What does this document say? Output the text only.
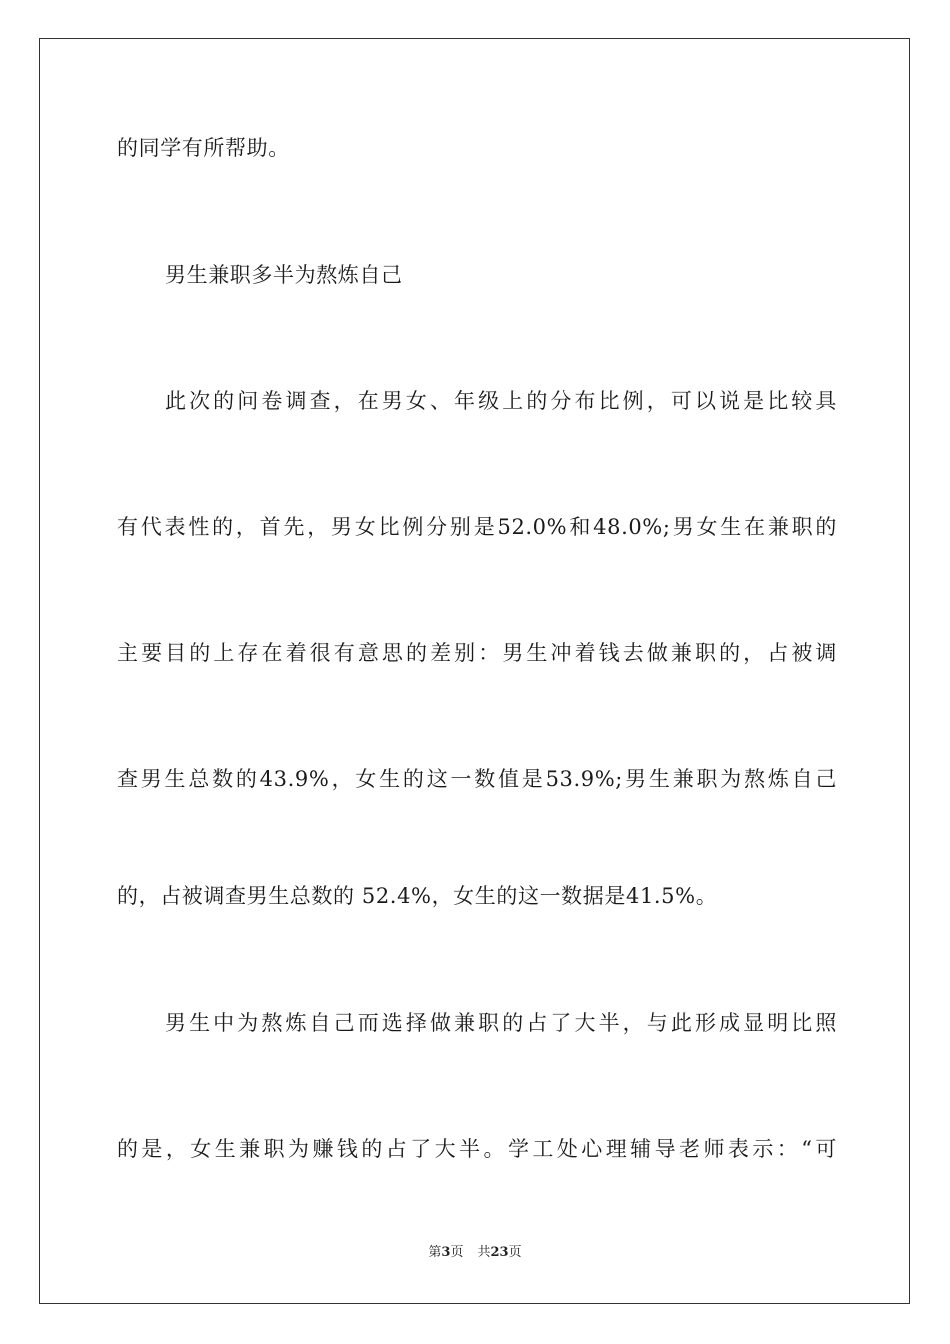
的同学有所帮助。
男生兼职多半为熬炼自己
此次的问卷调查，在男女、年级上的分布比例，可以说是比较具
有代表性的，首先，男女比例分别是52.0%和48.0%;男女生在兼职的
主要目的上存在着很有意思的差别：男生冲着钱去做兼职的，占被调
查男生总数的43.9%，女生的这一数值是53.9%;男生兼职为熬炼自己
的，占被调查男生总数的 52.4%，女生的这一数据是41.5%。
男生中为熬炼自己而选择做兼职的占了大半，与此形成显明比照
的是，女生兼职为赚钱的占了大半。学工处心理辅导老师表示：“可
第3页 共23页
